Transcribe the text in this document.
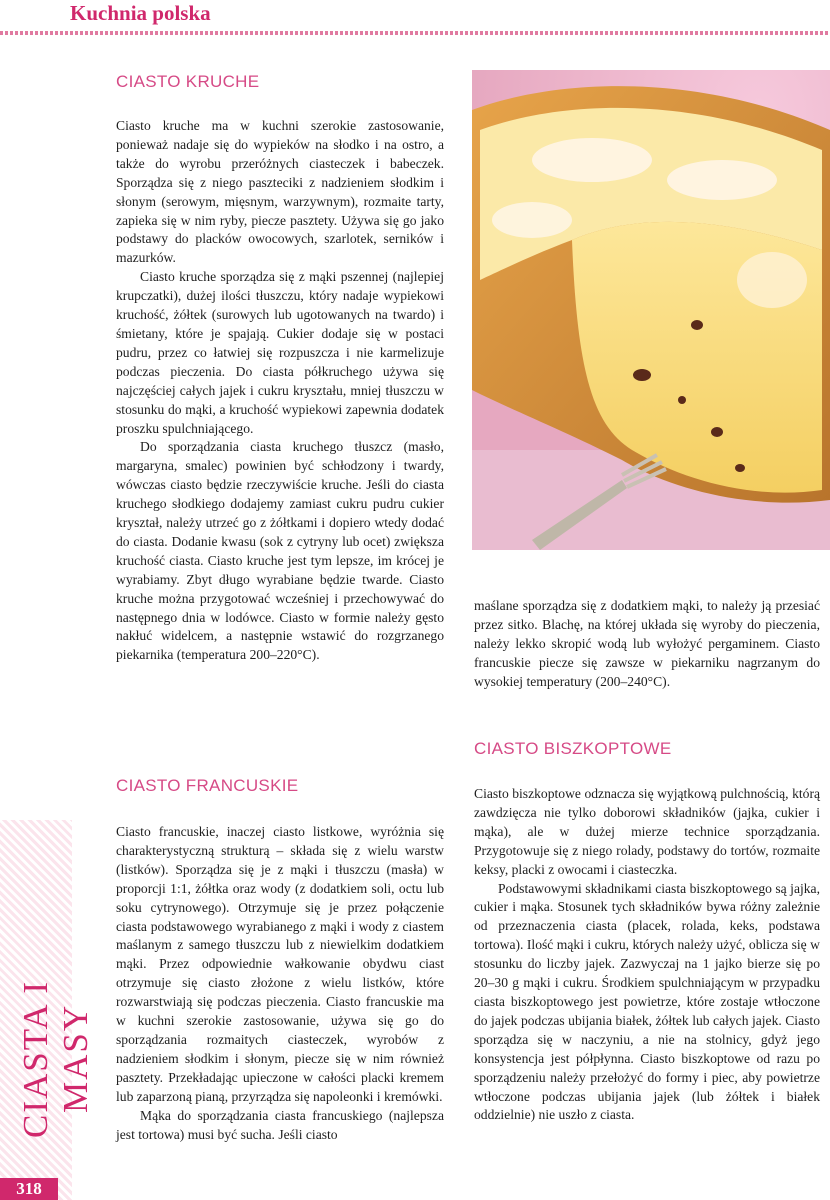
Kuchnia polska
CIASTA I MASY
318
CIASTO KRUCHE

Ciasto kruche ma w kuchni szerokie zastosowanie, ponieważ nadaje się do wypieków na słodko i na ostro, a także do wyrobu przeróżnych ciasteczek i babeczek. Sporządza się z niego paszteciki z nadzieniem słodkim i słonym (serowym, mięsnym, warzywnym), rozmaite tarty, zapieka się w nim ryby, piecze pasztety. Używa się go jako podstawy do placków owocowych, szarlotek, serników i mazurków.

Ciasto kruche sporządza się z mąki pszennej (najlepiej krupczatki), dużej ilości tłuszczu, który nadaje wypiekowi kruchość, żółtek (surowych lub ugotowanych na twardo) i śmietany, które je spajają. Cukier dodaje się w postaci pudru, przez co łatwiej się rozpuszcza i nie karmelizuje podczas pieczenia. Do ciasta półkruchego używa się najczęściej całych jajek i cukru kryształu, mniej tłuszczu w stosunku do mąki, a kruchość wypiekowi zapewnia dodatek proszku spulchniającego.

Do sporządzania ciasta kruchego tłuszcz (masło, margaryna, smalec) powinien być schłodzony i twardy, wówczas ciasto będzie rzeczywiście kruche. Jeśli do ciasta kruchego słodkiego dodajemy zamiast cukru pudru cukier kryształ, należy utrzeć go z żółtkami i dopiero wtedy dodać do ciasta. Dodanie kwasu (sok z cytryny lub ocet) zwiększa kruchość ciasta. Ciasto kruche jest tym lepsze, im krócej je wyrabiamy. Zbyt długo wyrabiane będzie twarde. Ciasto kruche można przygotować wcześniej i przechowywać do następnego dnia w lodówce. Ciasto w formie należy gęsto nakłuć widelcem, a następnie wstawić do rozgrzanego piekarnika (temperatura 200–220°C).

CIASTO FRANCUSKIE

Ciasto francuskie, inaczej ciasto listkowe, wyróżnia się charakterystyczną strukturą – składa się z wielu warstw (listków). Sporządza się je z mąki i tłuszczu (masła) w proporcji 1:1, żółtka oraz wody (z dodatkiem soli, octu lub soku cytrynowego). Otrzymuje się je przez połączenie ciasta podstawowego wyrabianego z mąki i wody z ciastem maślanym z samego tłuszczu lub z niewielkim dodatkiem mąki. Przez odpowiednie wałkowanie obydwu ciast otrzymuje się ciasto złożone z wielu listków, które rozwarstwiają się podczas pieczenia. Ciasto francuskie ma w kuchni szerokie zastosowanie, używa się go do sporządzania rozmaitych ciasteczek, wyrobów z nadzieniem słodkim i słonym, piecze się w nim również pasztety. Przekładając upieczone w całości placki kremem lub zaparzoną pianą, przyrządza się napoleonki i kremówki.

Mąka do sporządzania ciasta francuskiego (najlepsza jest tortowa) musi być sucha. Jeśli ciasto

maślane sporządza się z dodatkiem mąki, to należy ją przesiać przez sitko. Blachę, na której układa się wyroby do pieczenia, należy lekko skropić wodą lub wyłożyć pergaminem. Ciasto francuskie piecze się zawsze w piekarniku nagrzanym do wysokiej temperatury (200–240°C).

CIASTO BISZKOPTOWE

Ciasto biszkoptowe odznacza się wyjątkową pulchnością, którą zawdzięcza nie tylko doborowi składników (jajka, cukier i mąka), ale w dużej mierze technice sporządzania. Przygotowuje się z niego rolady, podstawy do tortów, rozmaite keksy, placki z owocami i ciasteczka.

Podstawowymi składnikami ciasta biszkoptowego są jajka, cukier i mąka. Stosunek tych składników bywa różny zależnie od przeznaczenia ciasta (placek, rolada, keks, podstawa tortowa). Ilość mąki i cukru, których należy użyć, oblicza się w stosunku do liczby jajek. Zazwyczaj na 1 jajko bierze się po 20–30 g mąki i cukru. Środkiem spulchniającym w przypadku ciasta biszkoptowego jest powietrze, które zostaje wtłoczone do jajek podczas ubijania białek, żółtek lub całych jajek. Ciasto sporządza się w naczyniu, a nie na stolnicy, gdyż jego konsystencja jest półpłynna. Ciasto biszkoptowe od razu po sporządzeniu należy przełożyć do formy i piec, aby powietrze wtłoczone podczas ubijania jajek (lub żółtek i białek oddzielnie) nie uszło z ciasta.
